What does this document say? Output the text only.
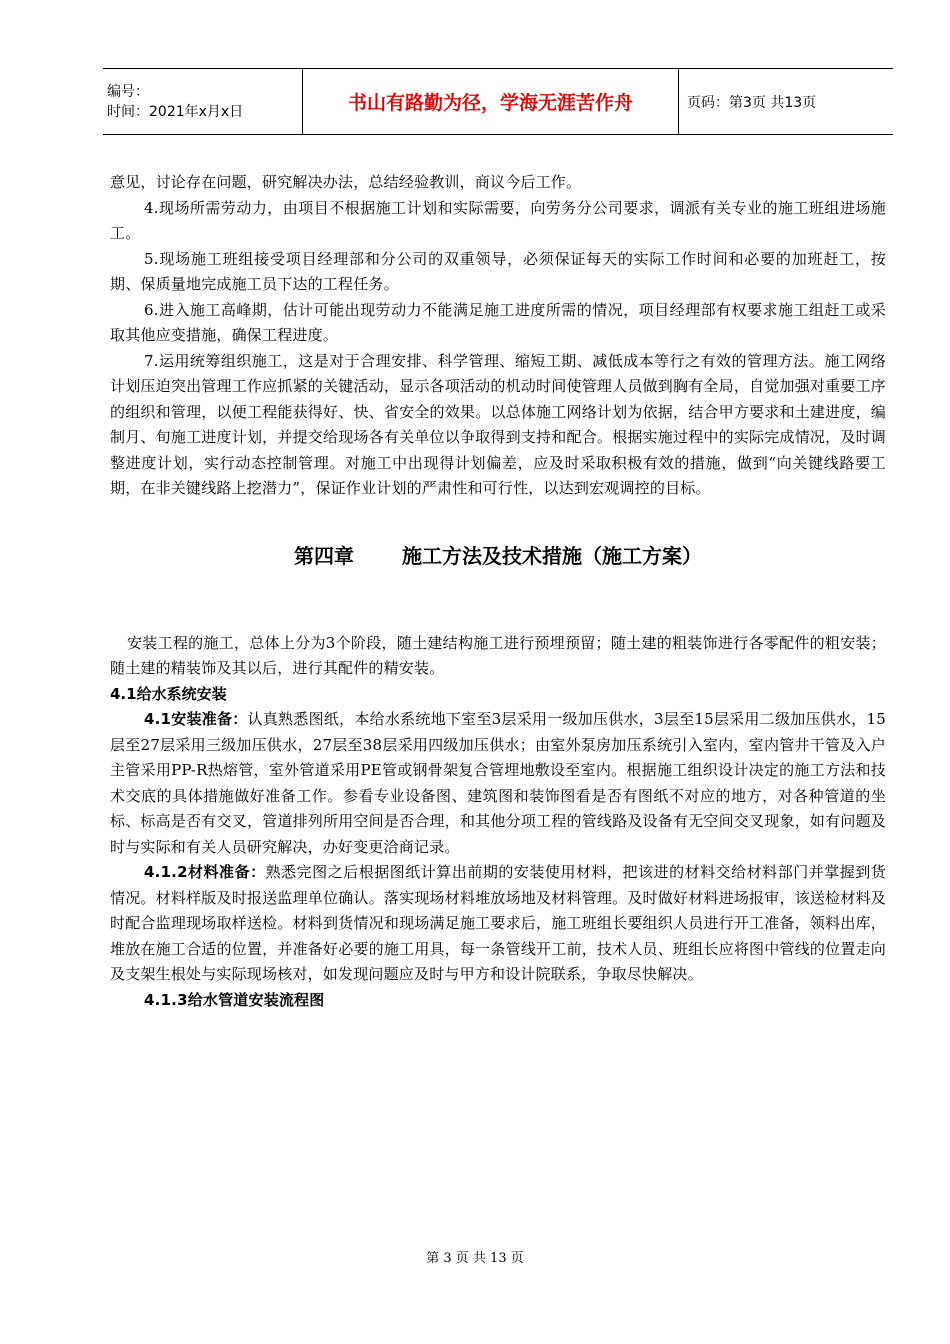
编号：
时间：2021年x月x日	书山有路勤为径，学海无涯苦作舟	页码：第3页 共13页

意见，讨论存在问题，研究解决办法，总结经验教训，商议今后工作。

4.现场所需劳动力，由项目不根据施工计划和实际需要，向劳务分公司要求，调派有关专业的施工班组进场施工。

5.现场施工班组接受项目经理部和分公司的双重领导，必须保证每天的实际工作时间和必要的加班赶工，按期、保质量地完成施工员下达的工程任务。

6.进入施工高峰期，估计可能出现劳动力不能满足施工进度所需的情况，项目经理部有权要求施工组赶工或采取其他应变措施，确保工程进度。

7.运用统筹组织施工，这是对于合理安排、科学管理、缩短工期、减低成本等行之有效的管理方法。施工网络计划压迫突出管理工作应抓紧的关键活动，显示各项活动的机动时间使管理人员做到胸有全局，自觉加强对重要工序的组织和管理，以便工程能获得好、快、省安全的效果。以总体施工网络计划为依据，结合甲方要求和土建进度，编制月、旬施工进度计划，并提交给现场各有关单位以争取得到支持和配合。根据实施过程中的实际完成情况，及时调整进度计划，实行动态控制管理。对施工中出现得计划偏差，应及时采取积极有效的措施，做到“向关键线路要工期，在非关键线路上挖潜力”，保证作业计划的严肃性和可行性，以达到宏观调控的目标。

第四章 施工方法及技术措施（施工方案）

安装工程的施工，总体上分为3个阶段，随土建结构施工进行预埋预留；随土建的粗装饰进行各零配件的粗安装；随土建的精装饰及其以后，进行其配件的精安装。

4.1给水系统安装

4.1安装准备：认真熟悉图纸，本给水系统地下室至3层采用一级加压供水，3层至15层采用二级加压供水，15层至27层采用三级加压供水，27层至38层采用四级加压供水；由室外泵房加压系统引入室内，室内管井干管及入户主管采用PP-R热熔管，室外管道采用PE管或钢骨架复合管埋地敷设至室内。根据施工组织设计决定的施工方法和技术交底的具体措施做好准备工作。参看专业设备图、建筑图和装饰图看是否有图纸不对应的地方，对各种管道的坐标、标高是否有交叉，管道排列所用空间是否合理，和其他分项工程的管线路及设备有无空间交叉现象，如有问题及时与实际和有关人员研究解决，办好变更洽商记录。

4.1.2材料准备：熟悉完图之后根据图纸计算出前期的安装使用材料，把该进的材料交给材料部门并掌握到货情况。材料样版及时报送监理单位确认。落实现场材料堆放场地及材料管理。及时做好材料进场报审，该送检材料及时配合监理现场取样送检。材料到货情况和现场满足施工要求后，施工班组长要组织人员进行开工准备，领料出库，堆放在施工合适的位置，并准备好必要的施工用具，每一条管线开工前，技术人员、班组长应将图中管线的位置走向及支架生根处与实际现场核对，如发现问题应及时与甲方和设计院联系，争取尽快解决。

4.1.3给水管道安装流程图

第 3 页 共 13 页
